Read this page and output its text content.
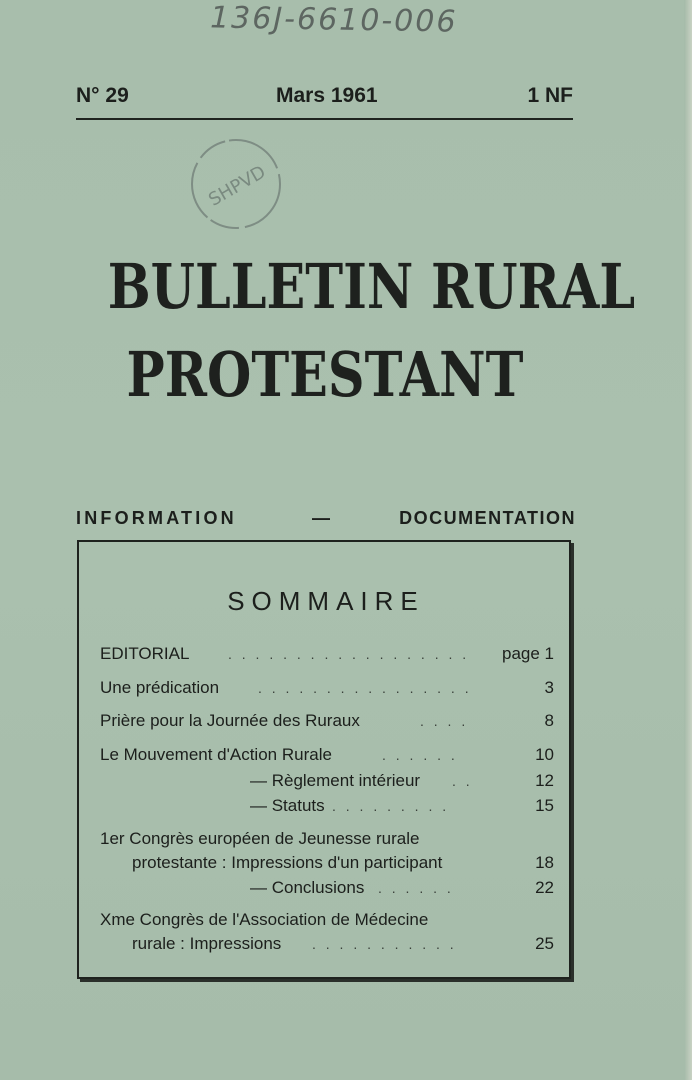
136J-6610-006
N° 29	Mars 1961	1 NF
SHPVD
BULLETIN RURAL
PROTESTANT
INFORMATION	—	DOCUMENTATION
SOMMAIRE
EDITORIAL	. . . . . . . . . . . . . . . . . . page 1
Une prédication	. . . . . . . . . . . . . . . .	3
Prière pour la Journée des Ruraux	. . . .	8
Le Mouvement d'Action Rurale	. . . . . .	10
— Règlement intérieur . .	12
— Statuts . . . . . . . . .	15
1er Congrès européen de Jeunesse rurale
protestante : Impressions d'un participant	18
— Conclusions . . . . . .	22
Xme Congrès de l'Association de Médecine
rurale : Impressions . . . . . . . . . . .	25
